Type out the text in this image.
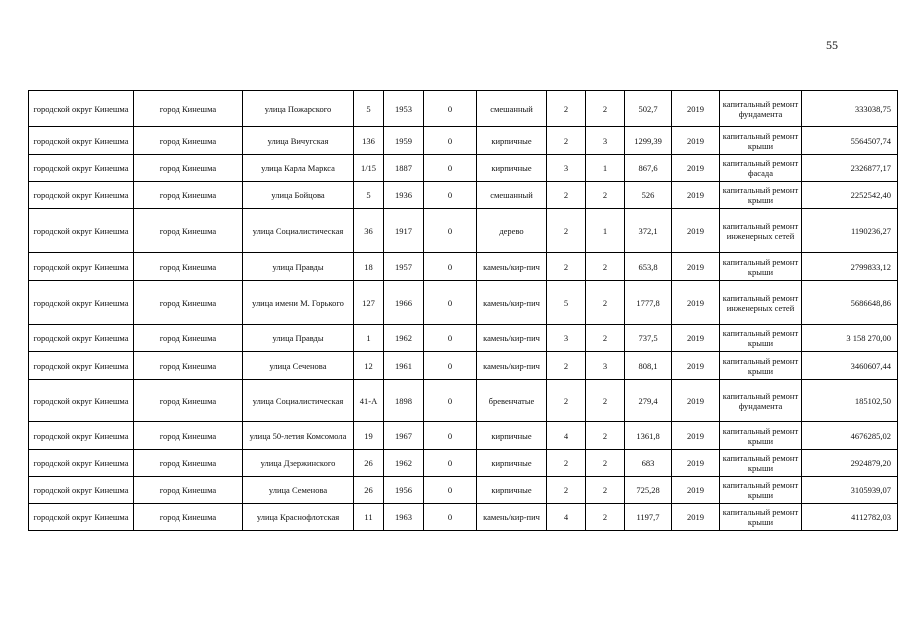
55
городской округ Кинешма	город Кинешма	улица Пожарского	5	1953	0	смешанный	2	2	502,7	2019	капитальный ремонт фундамента	333038,75
городской округ Кинешма	город Кинешма	улица Вичугская	136	1959	0	кирпичные	2	3	1299,39	2019	капитальный ремонт крыши	5564507,74
городской округ Кинешма	город Кинешма	улица Карла Маркса	1/15	1887	0	кирпичные	3	1	867,6	2019	капитальный ремонт фасада	2326877,17
городской округ Кинешма	город Кинешма	улица Бойцова	5	1936	0	смешанный	2	2	526	2019	капитальный ремонт крыши	2252542,40
городской округ Кинешма	город Кинешма	улица Социалистическая	36	1917	0	дерево	2	1	372,1	2019	капитальный ремонт инженерных сетей	1190236,27
городской округ Кинешма	город Кинешма	улица Правды	18	1957	0	камень/кир-пич	2	2	653,8	2019	капитальный ремонт крыши	2799833,12
городской округ Кинешма	город Кинешма	улица имени М. Горького	127	1966	0	камень/кир-пич	5	2	1777,8	2019	капитальный ремонт инженерных сетей	5686648,86
городской округ Кинешма	город Кинешма	улица Правды	1	1962	0	камень/кир-пич	3	2	737,5	2019	капитальный ремонт крыши	3 158 270,00
городской округ Кинешма	город Кинешма	улица Сеченова	12	1961	0	камень/кир-пич	2	3	808,1	2019	капитальный ремонт крыши	3460607,44
городской округ Кинешма	город Кинешма	улица Социалистическая	41-А	1898	0	бревенчатые	2	2	279,4	2019	капитальный ремонт фундамента	185102,50
городской округ Кинешма	город Кинешма	улица 50-летия Комсомола	19	1967	0	кирпичные	4	2	1361,8	2019	капитальный ремонт крыши	4676285,02
городской округ Кинешма	город Кинешма	улица Дзержинского	26	1962	0	кирпичные	2	2	683	2019	капитальный ремонт крыши	2924879,20
городской округ Кинешма	город Кинешма	улица Семенова	26	1956	0	кирпичные	2	2	725,28	2019	капитальный ремонт крыши	3105939,07
городской округ Кинешма	город Кинешма	улица Краснофлотская	11	1963	0	камень/кир-пич	4	2	1197,7	2019	капитальный ремонт крыши	4112782,03
